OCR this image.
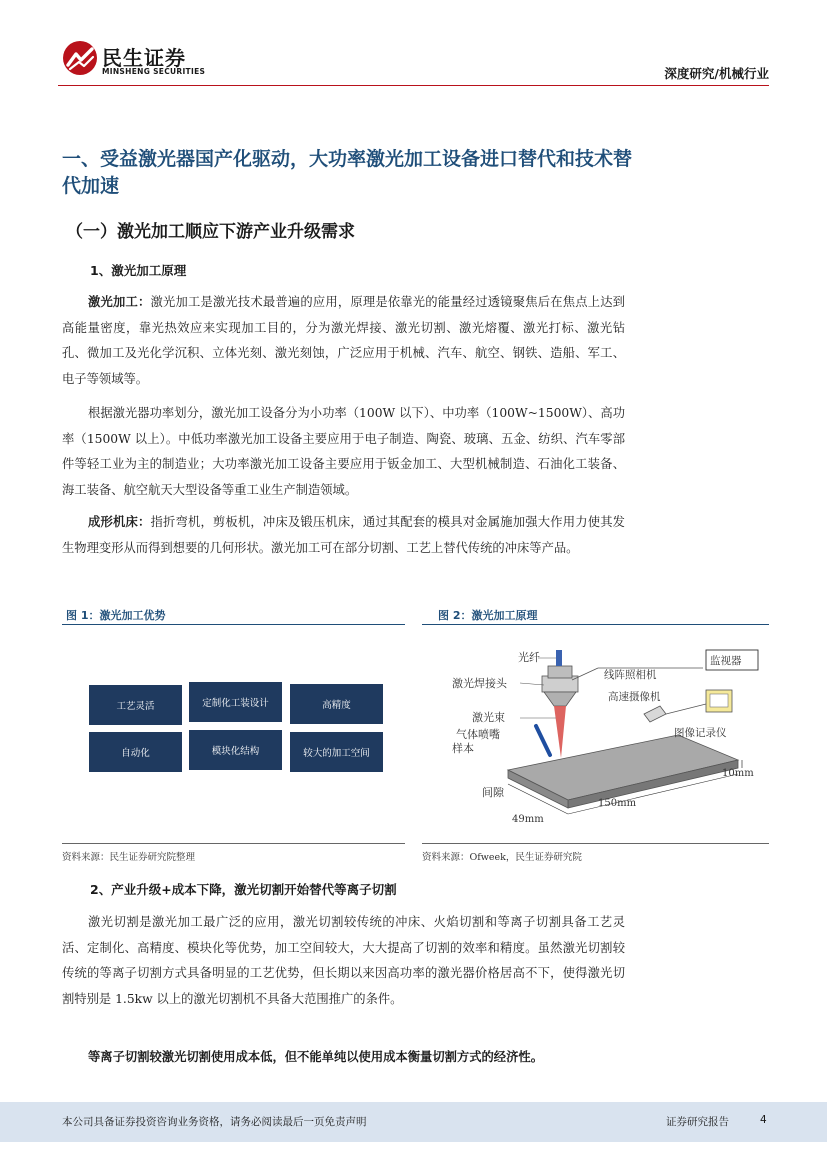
民生证券
MINSHENG SECURITIES	深度研究/机械行业
一、受益激光器国产化驱动，大功率激光加工设备进口替代和技术替代加速
（一）激光加工顺应下游产业升级需求
1、激光加工原理
激光加工：激光加工是激光技术最普遍的应用，原理是依靠光的能量经过透镜聚焦后在焦点上达到高能量密度，靠光热效应来实现加工目的，分为激光焊接、激光切割、激光熔覆、激光打标、激光钻孔、微加工及光化学沉积、立体光刻、激光刻蚀，广泛应用于机械、汽车、航空、钢铁、造船、军工、电子等领域等。
根据激光器功率划分，激光加工设备分为小功率（100W 以下）、中功率（100W~1500W）、高功率（1500W 以上）。中低功率激光加工设备主要应用于电子制造、陶瓷、玻璃、五金、纺织、汽车零部件等轻工业为主的制造业；大功率激光加工设备主要应用于钣金加工、大型机械制造、石油化工装备、海工装备、航空航天大型设备等重工业生产制造领域。
成形机床：指折弯机，剪板机，冲床及锻压机床，通过其配套的模具对金属施加强大作用力使其发生物理变形从而得到想要的几何形状。激光加工可在部分切割、工艺上替代传统的冲床等产品。
图 1：激光加工优势
工艺灵活	定制化工装设计	高精度
自动化	模块化结构	较大的加工空间
资料来源：民生证券研究院整理
图 2：激光加工原理
光纤
激光焊接头
激光束
气体喷嘴
样本
间隙
线阵照相机
监视器
高速摄像机
图像记录仪
10mm
150mm
49mm
资料来源：Ofweek，民生证券研究院
2、产业升级+成本下降，激光切割开始替代等离子切割
激光切割是激光加工最广泛的应用，激光切割较传统的冲床、火焰切割和等离子切割具备工艺灵活、定制化、高精度、模块化等优势，加工空间较大，大大提高了切割的效率和精度。虽然激光切割较传统的等离子切割方式具备明显的工艺优势，但长期以来因高功率的激光器价格居高不下，使得激光切割特别是 1.5kw 以上的激光切割机不具备大范围推广的条件。
等离子切割较激光切割使用成本低，但不能单纯以使用成本衡量切割方式的经济性。
本公司具备证券投资咨询业务资格，请务必阅读最后一页免责声明	证券研究报告	4
